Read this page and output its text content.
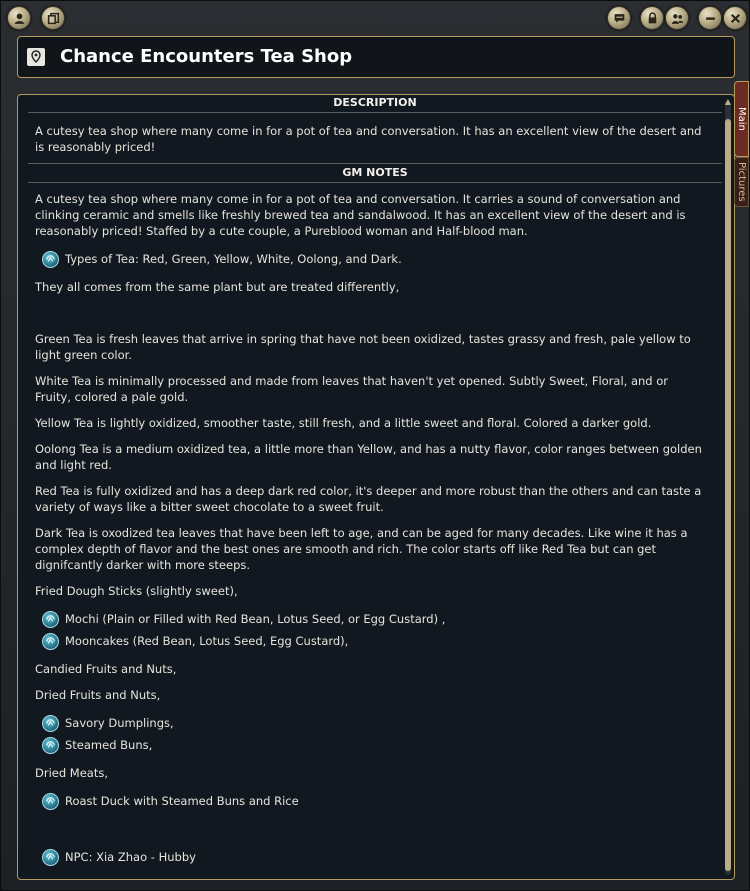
Chance Encounters Tea Shop
DESCRIPTION

A cutesy tea shop where many come in for a pot of tea and conversation. It has an excellent view of the desert and is reasonably priced!

GM NOTES

A cutesy tea shop where many come in for a pot of tea and conversation. It carries a sound of conversation and clinking ceramic and smells like freshly brewed tea and sandalwood. It has an excellent view of the desert and is reasonably priced! Staffed by a cute couple, a Pureblood woman and Half-blood man.

Types of Tea: Red, Green, Yellow, White, Oolong, and Dark.

They all comes from the same plant but are treated differently,

Green Tea is fresh leaves that arrive in spring that have not been oxidized, tastes grassy and fresh, pale yellow to light green color.

White Tea is minimally processed and made from leaves that haven't yet opened. Subtly Sweet, Floral, and or Fruity, colored a pale gold.

Yellow Tea is lightly oxidized, smoother taste, still fresh, and a little sweet and floral. Colored a darker gold.

Oolong Tea is a medium oxidized tea, a little more than Yellow, and has a nutty flavor, color ranges between golden and light red.

Red Tea is fully oxidized and has a deep dark red color, it's deeper and more robust than the others and can taste a variety of ways like a bitter sweet chocolate to a sweet fruit.

Dark Tea is oxodized tea leaves that have been left to age, and can be aged for many decades. Like wine it has a complex depth of flavor and the best ones are smooth and rich. The color starts off like Red Tea but can get dignifcantly darker with more steeps.

Fried Dough Sticks (slightly sweet),

Mochi (Plain or Filled with Red Bean, Lotus Seed, or Egg Custard) ,
Mooncakes (Red Bean, Lotus Seed, Egg Custard),

Candied Fruits and Nuts,

Dried Fruits and Nuts,

Savory Dumplings,
Steamed Buns,

Dried Meats,

Roast Duck with Steamed Buns and Rice
NPC: Xia Zhao - Hubby
▲
Main
Pictures
